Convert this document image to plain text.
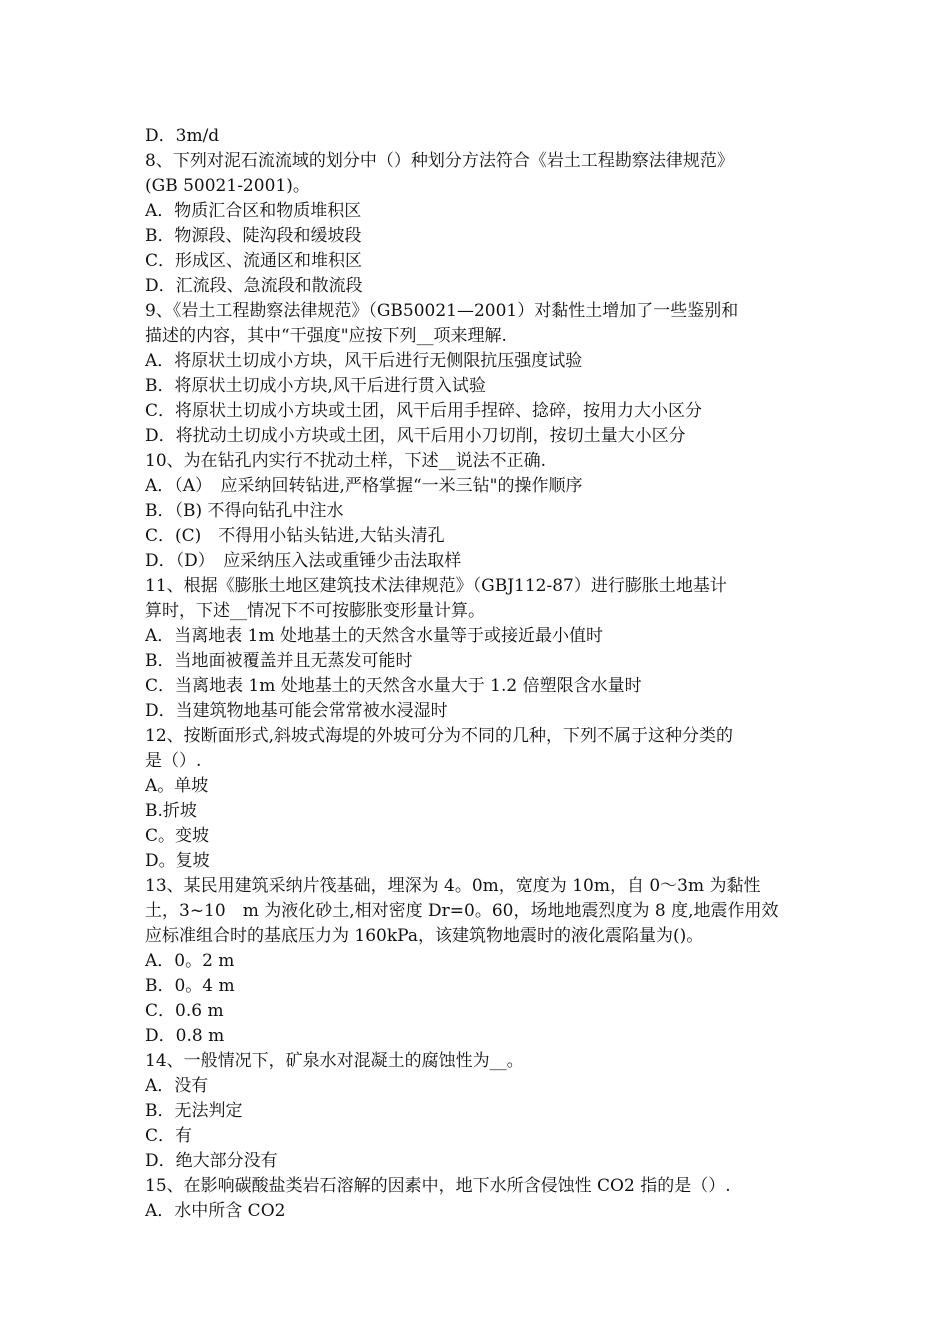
D．3m/d
8、下列对泥石流流域的划分中（）种划分方法符合《岩土工程勘察法律规范》
(GB 50021-2001)。
A．物质汇合区和物质堆积区
B．物源段、陡沟段和缓坡段
C．形成区、流通区和堆积区
D．汇流段、急流段和散流段
9、《岩土工程勘察法律规范》（GB50021—2001）对黏性土增加了一些鉴别和
描述的内容，其中“干强度"应按下列__项来理解.
A．将原状土切成小方块，风干后进行无侧限抗压强度试验
B．将原状土切成小方块,风干后进行贯入试验
C．将原状土切成小方块或土团，风干后用手捏碎、捻碎，按用力大小区分
D．将扰动土切成小方块或土团，风干后用小刀切削，按切土量大小区分
10、为在钻孔内实行不扰动土样，下述__说法不正确.
A．（A）　应采纳回转钻进,严格掌握“一米三钻"的操作顺序
B．（B) 不得向钻孔中注水
C．(C)　不得用小钻头钻进,大钻头清孔
D．（D）　应采纳压入法或重锤少击法取样
11、根据《膨胀土地区建筑技术法律规范》（GBJ112-87）进行膨胀土地基计
算时，下述__情况下不可按膨胀变形量计算。
A．当离地表 1m 处地基土的天然含水量等于或接近最小值时
B．当地面被覆盖并且无蒸发可能时
C．当离地表 1m 处地基土的天然含水量大于 1.2 倍塑限含水量时
D．当建筑物地基可能会常常被水浸湿时
12、按断面形式,斜坡式海堤的外坡可分为不同的几种，下列不属于这种分类的
是（）.
A。单坡
B.折坡
C。变坡
D。复坡
13、某民用建筑采纳片筏基础，埋深为 4。0m，宽度为 10m，自 0～3m 为黏性
土，3~10　m 为液化砂土,相对密度 Dr=0。60，场地地震烈度为 8 度,地震作用效
应标准组合时的基底压力为 160kPa，该建筑物地震时的液化震陷量为()。
A．0。2 m
B．0。4 m
C．0.6 m
D．0.8 m
14、一般情况下，矿泉水对混凝土的腐蚀性为__。
A．没有
B．无法判定
C．有
D．绝大部分没有
15、在影响碳酸盐类岩石溶解的因素中，地下水所含侵蚀性 CO2 指的是（）.
A．水中所含 CO2
